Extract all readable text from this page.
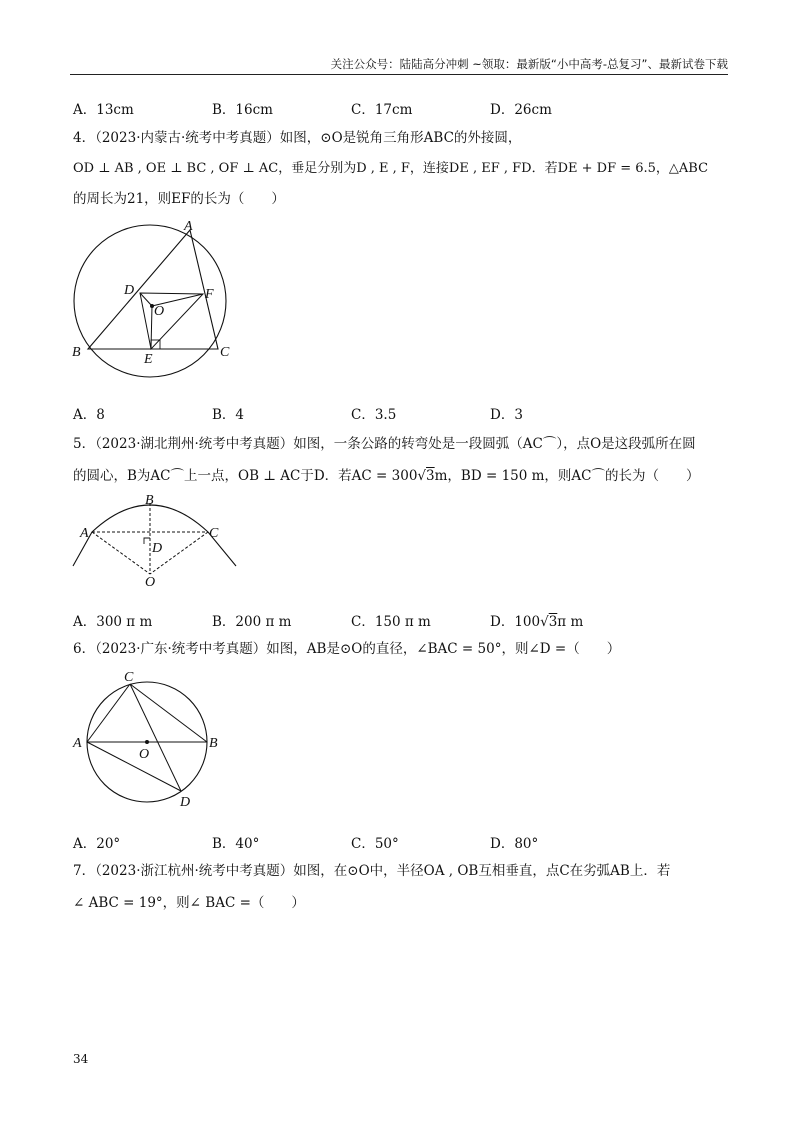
关注公众号：陆陆高分冲刺 ~领取：最新版“小中高考-总复习”、最新试卷下载
A．13cm	B．16cm	C．17cm	D．26cm
4．（2023·内蒙古·统考中考真题）如图，⊙O是锐角三角形ABC的外接圆，
OD ⊥ AB , OE ⊥ BC , OF ⊥ AC，垂足分别为D , E , F，连接DE , EF , FD．若DE + DF = 6.5，△ABC
的周长为21，则EF的长为（　　）
A
B	C
D
E
F
O
A．8	B．4	C．3.5	D．3
5．（2023·湖北荆州·统考中考真题）如图，一条公路的转弯处是一段圆弧（AC⌒），点O是这段弧所在圆
的圆心，B为AC⌒上一点，OB ⊥ AC于D．若AC = 300√3m，BD = 150 m，则AC⌒的长为（　　）
B
A	C
D
O
A．300 π m	B．200 π m	C．150 π m	D．100√3π m
6．（2023·广东·统考中考真题）如图，AB是⊙O的直径，∠BAC = 50°，则∠D =（　　）
C
A	B
O
D
A．20°	B．40°	C．50°	D．80°
7．（2023·浙江杭州·统考中考真题）如图，在⊙O中，半径OA , OB互相垂直，点C在劣弧AB上．若
∠ ABC = 19°，则∠ BAC =（　　）
34
